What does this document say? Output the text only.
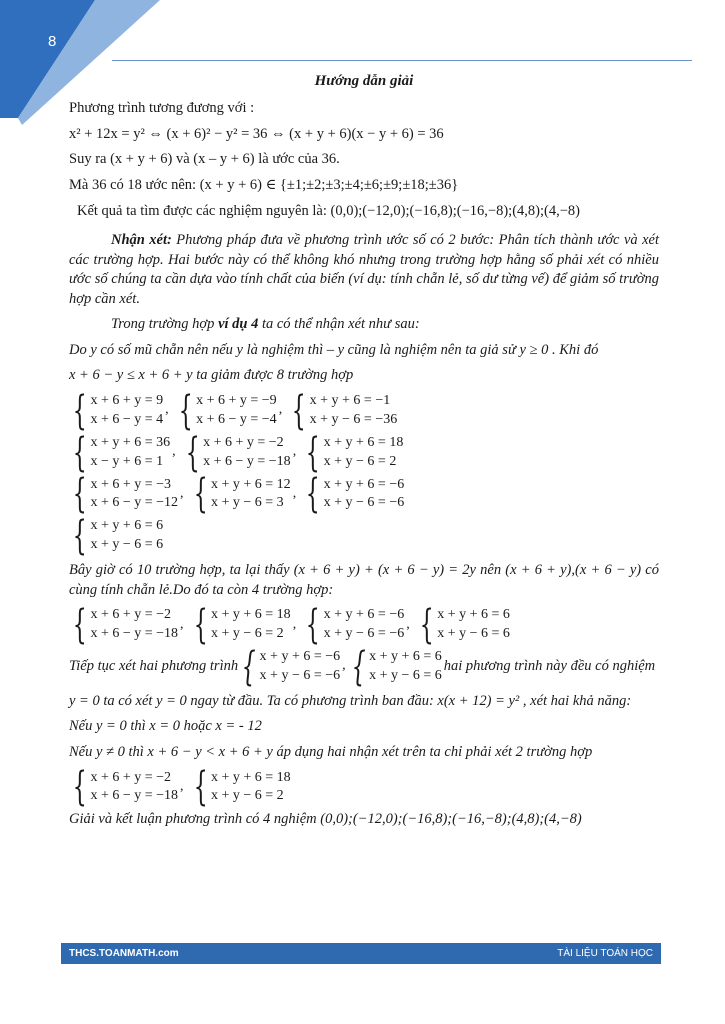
8
Hướng dẫn giải
Phương trình tương đương với :
x² + 12x = y² ⇔ (x + 6)² − y² = 36 ⇔ (x + y + 6)(x − y + 6) = 36
Suy ra (x + y + 6) và (x – y + 6) là ước của 36.
Mà 36 có 18 ước nên: (x + y + 6) ∈ {±1;±2;±3;±4;±6;±9;±18;±36}
Kết quả ta tìm được các nghiệm nguyên là: (0,0);(−12,0);(−16,8);(−16,−8);(4,8);(4,−8)
Nhận xét: Phương pháp đưa về phương trình ước số có 2 bước: Phân tích thành ước và xét các trường hợp. Hai bước này có thể không khó nhưng trong trường hợp hằng số phải xét có nhiều ước số chúng ta cần dựa vào tính chất của biến (ví dụ: tính chẵn lẻ, số dư từng vế) để giảm số trường hợp cần xét.
Trong trường hợp ví dụ 4 ta có thể nhận xét như sau:
Do y có số mũ chẵn nên nếu y là nghiệm thì – y cũng là nghiệm nên ta giả sử y ≥ 0 . Khi đó
x + 6 − y ≤ x + 6 + y ta giảm được 8 trường hợp
{ x + 6 + y = 9
x + 6 − y = 4
, { x + 6 + y = −9
x + 6 − y = −4
, { x + y + 6 = −1
x + y − 6 = −36
{ x + y + 6 = 36
x − y + 6 = 1
, { x + 6 + y = −2
x + 6 − y = −18
, { x + y + 6 = 18
x + y − 6 = 2
{ x + 6 + y = −3
x + 6 − y = −12
, { x + y + 6 = 12
x + y − 6 = 3
, { x + y + 6 = −6
x + y − 6 = −6
{ x + y + 6 = 6
x + y − 6 = 6
Bây giờ có 10 trường hợp, ta lại thấy (x + 6 + y) + (x + 6 − y) = 2y nên (x + 6 + y),(x + 6 − y) có cùng tính chẵn lẻ.Do đó ta còn 4 trường hợp:
{ x + 6 + y = −2
x + 6 − y = −18
, { x + y + 6 = 18
x + y − 6 = 2
, { x + y + 6 = −6
x + y − 6 = −6
, { x + y + 6 = 6
x + y − 6 = 6
Tiếp tục xét hai phương trình { x + y + 6 = −6
x + y − 6 = −6
, { x + y + 6 = 6
x + y − 6 = 6
hai phương trình này đều có nghiệm
y = 0 ta có xét y = 0 ngay từ đầu. Ta có phương trình ban đầu: x(x + 12) = y² , xét hai khả năng:
Nếu y = 0 thì x = 0 hoặc x = - 12
Nếu y ≠ 0 thì x + 6 − y < x + 6 + y áp dụng hai nhận xét trên ta chỉ phải xét 2 trường hợp
{ x + 6 + y = −2
x + 6 − y = −18
, { x + y + 6 = 18
x + y − 6 = 2
Giải và kết luận phương trình có 4 nghiệm (0,0);(−12,0);(−16,8);(−16,−8);(4,8);(4,−8)
THCS.TOANMATH.com	TÀI LIỆU TOÁN HỌC
